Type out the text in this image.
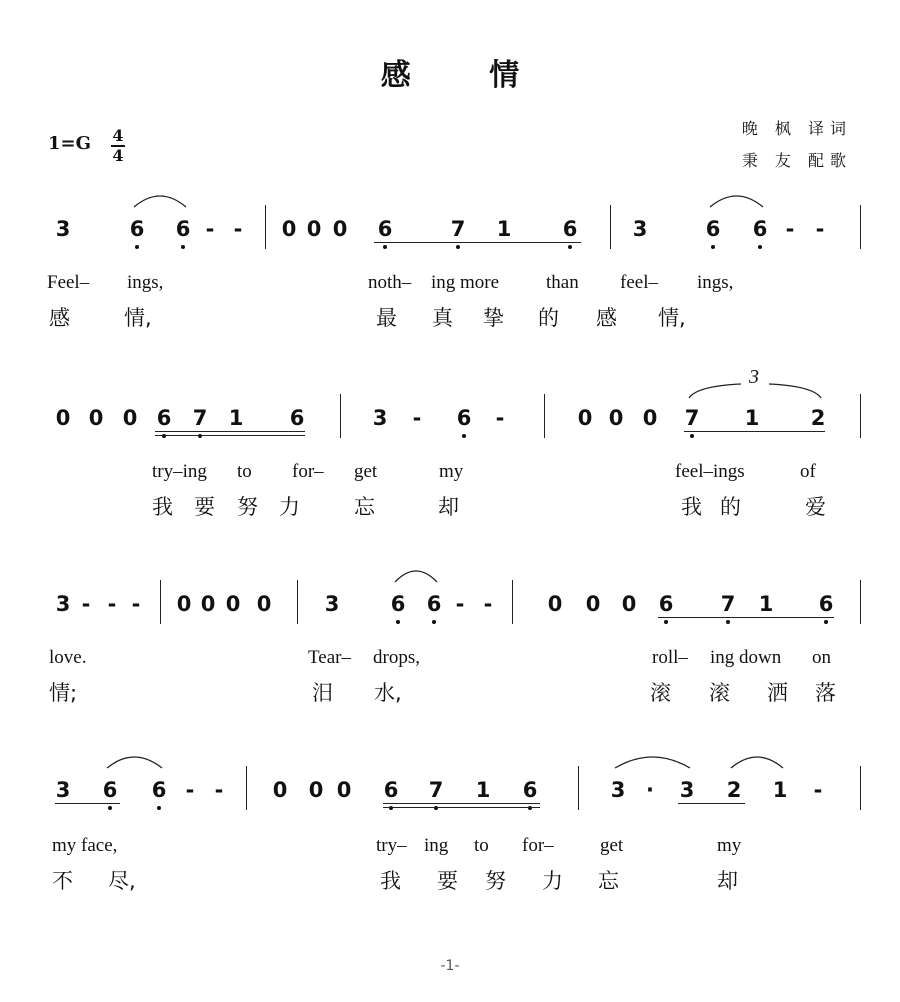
感 情
1=G 4
4
晚 枫 译词
秉 友 配歌
3	6 6 - - 0 0 0 6	7 1 6	3	6 6 - -
Feel– ings,	noth– ing more than feel– ings,
感	情,	最 真 挚 的 感 情,
0 0 0 6 7 1 6	3 - 6 -	0 0 0 7 1 2
3
try–ing to for– get	my	feel–ings	of
我 要 努 力	忘	却	我 的	爱
3 - - - 0 0 0 0	3 6 6 - -	0 0 0 6 7 1 6
love.	Tear– drops,	roll– ing down on
情;	汨 水,	滚 滚 洒 落
3 6 6 - - 0 0 0 6 7 1 6	3 · 3 2 1 -
my face,	try– ing to for– get	my
不 尽,	我 要 努 力 忘	却
-1-
